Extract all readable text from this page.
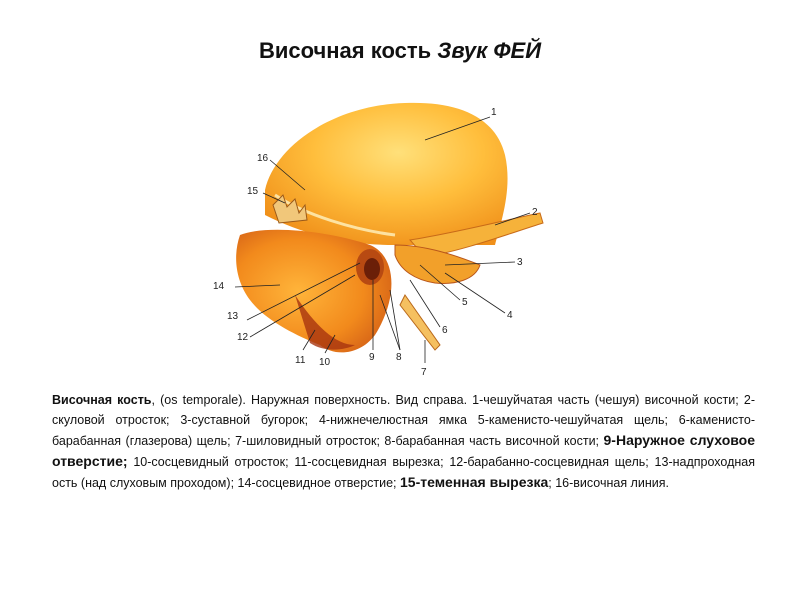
Височная кость Звук ФЕЙ
1
2
3
4
5
6
7
8
9
10
11
12
13
14
15
16
Височная кость, (os temporale). Наружная поверхность. Вид справа. 1-чешуйчатая часть (чешуя) височной кости; 2-скуловой отросток; 3-суставной бугорок; 4-нижнечелюстная ямка 5-каменисто-чешуйчатая щель; 6-каменисто-барабанная (глазерова) щель; 7-шиловидный отросток; 8-барабанная часть височной кости; 9-Наружное слуховое отверстие; 10-сосцевидный отросток; 11-сосцевидная вырезка; 12-барабанно-сосцевидная щель; 13-надпроходная ость (над слуховым проходом); 14-сосцевидное отверстие; 15-теменная вырезка; 16-височная линия.
